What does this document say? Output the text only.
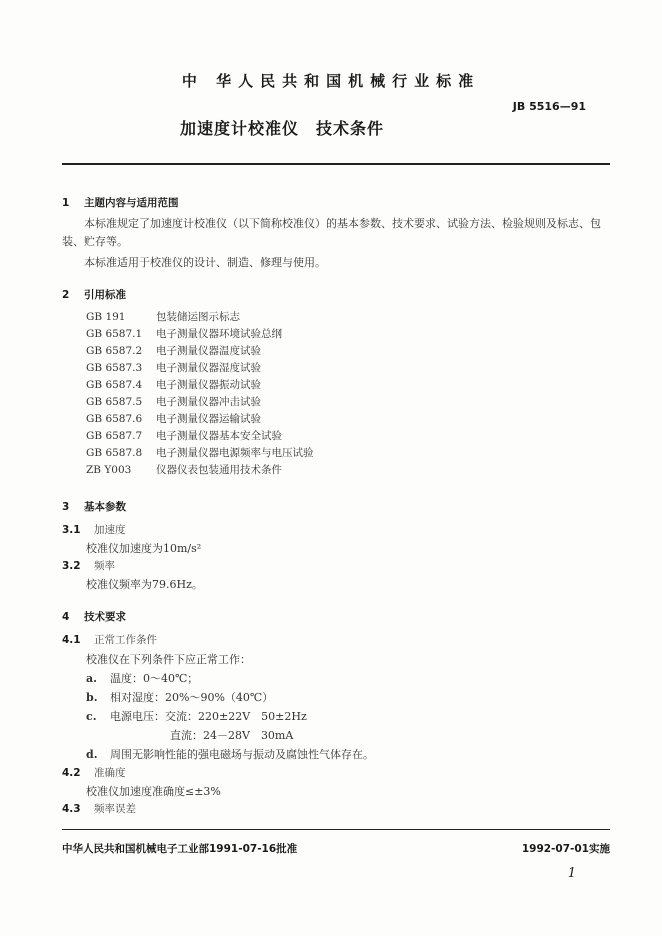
中 华人民共和国机械行业标准
JB 5516—91
加速度计校准仪　技术条件
1 主题内容与适用范围
本标准规定了加速度计校准仪（以下简称校准仪）的基本参数、技术要求、试验方法、检验规则及标志、包装、贮存等。
本标准适用于校准仪的设计、制造、修理与使用。
2 引用标准
GB 191	包装储运图示标志
GB 6587.1 电子测量仪器环境试验总纲
GB 6587.2 电子测量仪器温度试验
GB 6587.3 电子测量仪器湿度试验
GB 6587.4 电子测量仪器振动试验
GB 6587.5 电子测量仪器冲击试验
GB 6587.6 电子测量仪器运输试验
GB 6587.7 电子测量仪器基本安全试验
GB 6587.8 电子测量仪器电源频率与电压试验
ZB Y003 仪器仪表包装通用技术条件
3 基本参数
3.1 加速度
校准仪加速度为10m/s²
3.2 频率
校准仪频率为79.6Hz。
4 技术要求
4.1 正常工作条件
校准仪在下列条件下应正常工作：
a. 温度：0～40℃；
b. 相对湿度：20%～90%（40℃）
c. 电源电压：交流：220±22V　50±2Hz
直流：24－28V　30mA
d. 周围无影响性能的强电磁场与振动及腐蚀性气体存在。
4.2 准确度
校准仪加速度准确度≤±3%
4.3 频率误差
中华人民共和国机械电子工业部1991-07-16批准	1992-07-01实施
1
